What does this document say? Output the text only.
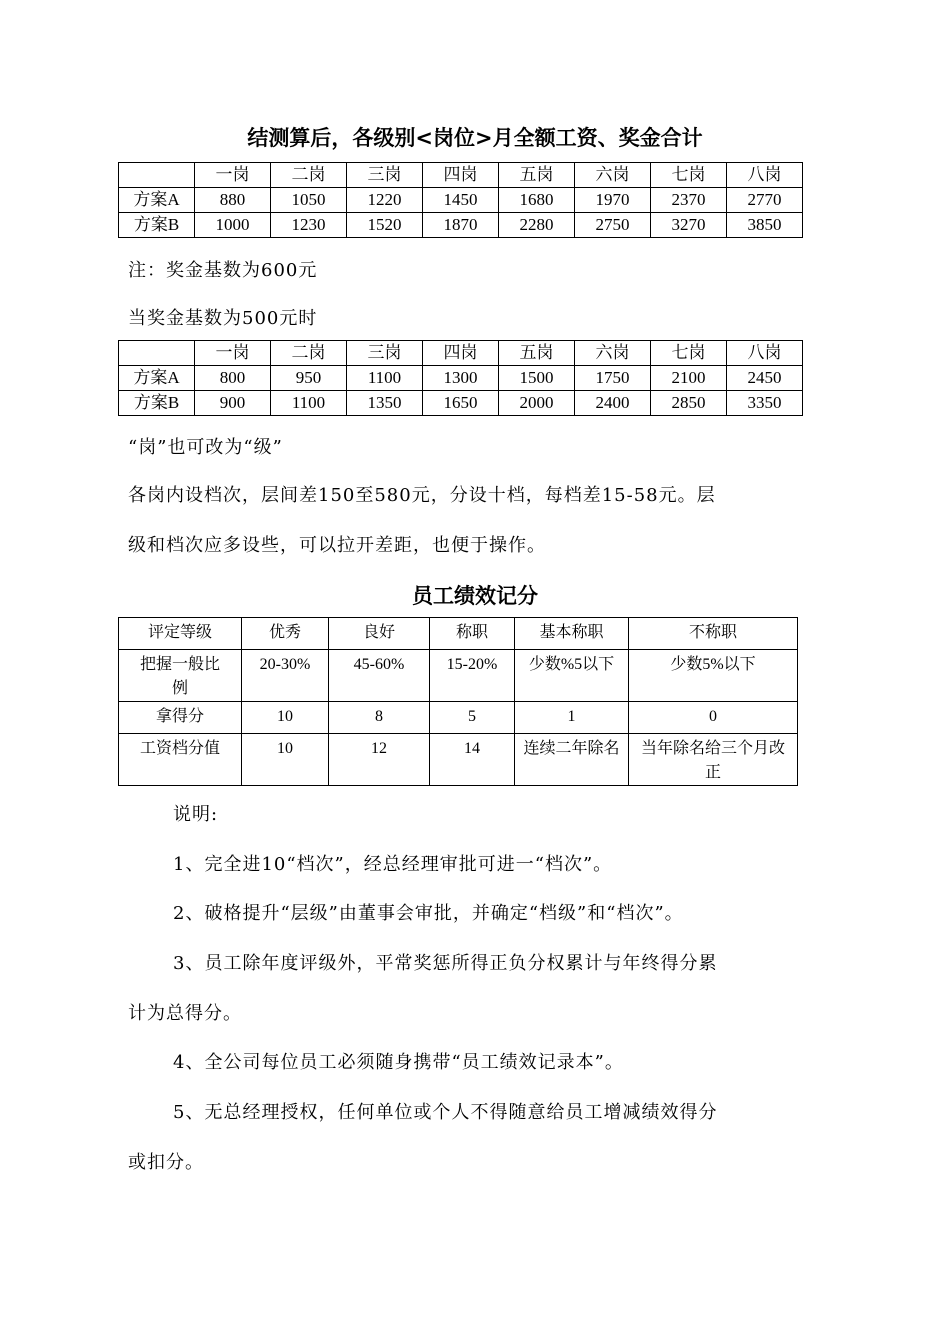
结测算后，各级别<岗位>月全额工资、奖金合计
	一岗	二岗	三岗	四岗	五岗	六岗	七岗	八岗
方案A	880	1050	1220	1450	1680	1970	2370	2770
方案B	1000	1230	1520	1870	2280	2750	3270	3850
注：奖金基数为600元
当奖金基数为500元时
	一岗	二岗	三岗	四岗	五岗	六岗	七岗	八岗
方案A	800	950	1100	1300	1500	1750	2100	2450
方案B	900	1100	1350	1650	2000	2400	2850	3350
“岗”也可改为“级”
各岗内设档次，层间差150至580元，分设十档，每档差15-58元。层
级和档次应多设些，可以拉开差距，也便于操作。
员工绩效记分
评定等级	优秀	良好	称职	基本称职	不称职
把握一般比例	20-30%	45-60%	15-20%	少数%5以下	少数5%以下
拿得分	10	8	5	1	0
工资档分值	10	12	14	连续二年除名	当年除名给三个月改正
说明:
1、完全进10“档次”，经总经理审批可进一“档次”。
2、破格提升“层级”由董事会审批，并确定“档级”和“档次”。
3、员工除年度评级外，平常奖惩所得正负分权累计与年终得分累
计为总得分。
4、全公司每位员工必须随身携带“员工绩效记录本”。
5、无总经理授权，任何单位或个人不得随意给员工增减绩效得分
或扣分。
